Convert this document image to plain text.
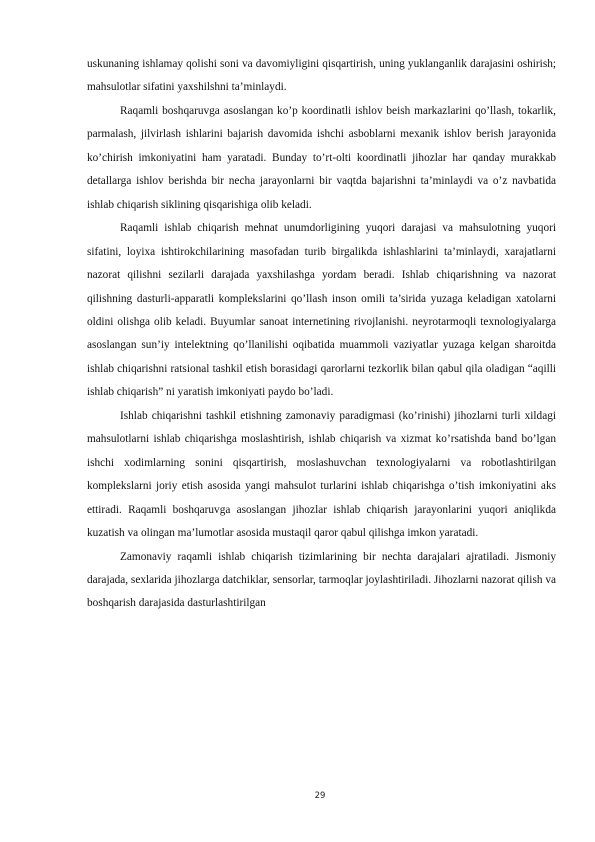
uskunaning ishlamay qolishi soni va davomiyligini qisqartirish, uning yuklanganlik darajasini oshirish; mahsulotlar sifatini yaxshilshni ta’minlaydi.

Raqamli boshqaruvga asoslangan ko’p koordinatli ishlov beish markazlarini qo’llash, tokarlik, parmalash, jilvirlash ishlarini bajarish davomida ishchi asboblarni mexanik ishlov berish jarayonida ko’chirish imkoniyatini ham yaratadi. Bunday to’rt-olti koordinatli jihozlar har qanday murakkab detallarga ishlov berishda bir necha jarayonlarni bir vaqtda bajarishni ta’minlaydi va o’z navbatida ishlab chiqarish siklining qisqarishiga olib keladi.

Raqamli ishlab chiqarish mehnat unumdorligining yuqori darajasi va mahsulotning yuqori sifatini, loyixa ishtirokchilarining masofadan turib birgalikda ishlashlarini ta’minlaydi, xarajatlarni nazorat qilishni sezilarli darajada yaxshilashga yordam beradi. Ishlab chiqarishning va nazorat qilishning dasturli-apparatli komplekslarini qo’llash inson omili ta’sirida yuzaga keladigan xatolarni oldini olishga olib keladi. Buyumlar sanoat internetining rivojlanishi. neyrotarmoqli texnologiyalarga asoslangan sun’iy intelektning qo’llanilishi oqibatida muammoli vaziyatlar yuzaga kelgan sharoitda ishlab chiqarishni ratsional tashkil etish borasidagi qarorlarni tezkorlik bilan qabul qila oladigan “aqilli ishlab chiqarish” ni yaratish imkoniyati paydo bo’ladi.

Ishlab chiqarishni tashkil etishning zamonaviy paradigmasi (ko’rinishi) jihozlarni turli xildagi mahsulotlarni ishlab chiqarishga moslashtirish, ishlab chiqarish va xizmat ko’rsatishda band bo’lgan ishchi xodimlarning sonini qisqartirish, moslashuvchan texnologiyalarni va robotlashtirilgan komplekslarni joriy etish asosida yangi mahsulot turlarini ishlab chiqarishga o’tish imkoniyatini aks ettiradi. Raqamli boshqaruvga asoslangan jihozlar ishlab chiqarish jarayonlarini yuqori aniqlikda kuzatish va olingan ma’lumotlar asosida mustaqil qaror qabul qilishga imkon yaratadi.

Zamonaviy raqamli ishlab chiqarish tizimlarining bir nechta darajalari ajratiladi. Jismoniy darajada, sexlarida jihozlarga datchiklar, sensorlar, tarmoqlar joylashtiriladi. Jihozlarni nazorat qilish va boshqarish darajasida dasturlashtirilgan

29
